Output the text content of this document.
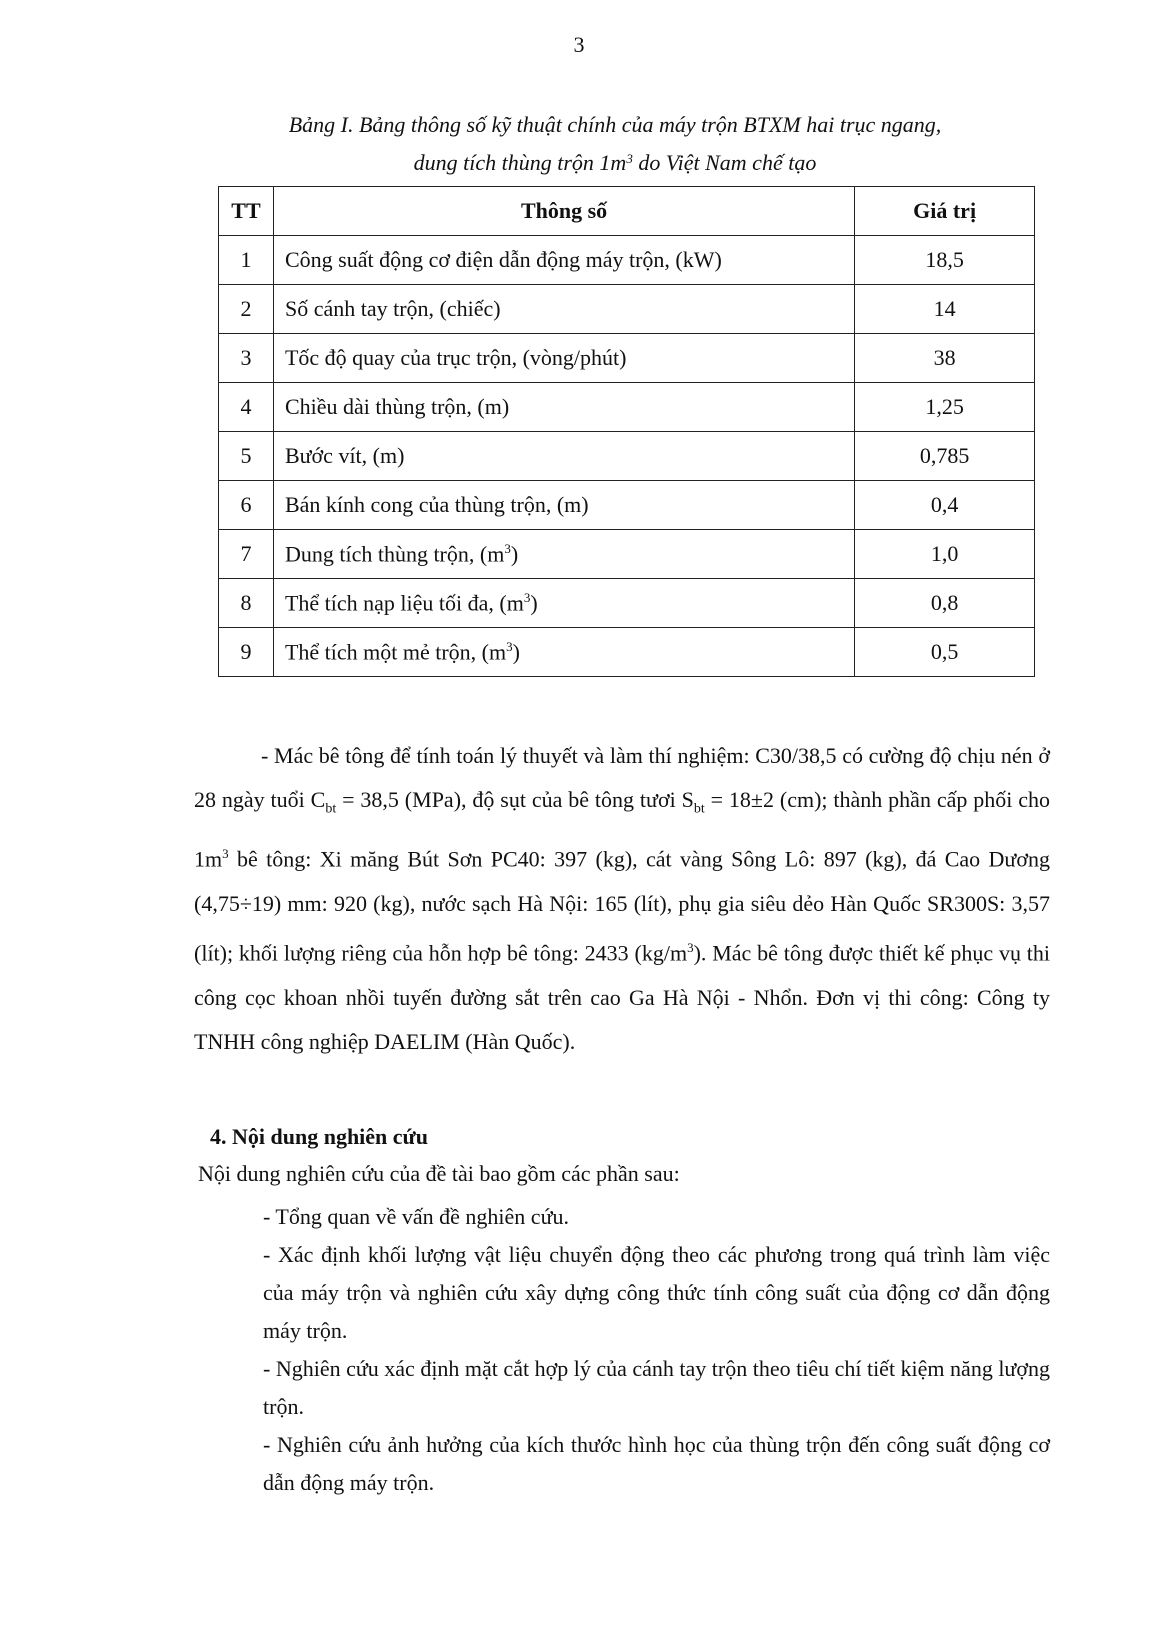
3
Bảng I. Bảng thông số kỹ thuật chính của máy trộn BTXM hai trục ngang,
dung tích thùng trộn $1m^3$ do Việt Nam chế tạo
TT	Thông số	Giá trị
1	Công suất động cơ điện dẫn động máy trộn, (kW)	18,5
2	Số cánh tay trộn, (chiếc)	14
3	Tốc độ quay của trục trộn, (vòng/phút)	38
4	Chiều dài thùng trộn, (m)	1,25
5	Bước vít, (m)	0,785
6	Bán kính cong của thùng trộn, (m)	0,4
7	Dung tích thùng trộn, $(m^3)$	1,0
8	Thể tích nạp liệu tối đa, $(m^3)$	0,8
9	Thể tích một mẻ trộn, $(m^3)$	0,5

- Mác bê tông để tính toán lý thuyết và làm thí nghiệm: C30/38,5 có cường độ chịu nén ở 28 ngày tuổi $C_{bt} = 38,5$ (MPa), độ sụt của bê tông tươi $S_{bt} = 18\pm 2$ (cm); thành phần cấp phối cho $1m^3$ bê tông: Xi măng Bút Sơn PC40: 397 (kg), cát vàng Sông Lô: 897 (kg), đá Cao Dương (4,75÷19) mm: 920 (kg), nước sạch Hà Nội: 165 (lít), phụ gia siêu dẻo Hàn Quốc SR300S: 3,57 (lít); khối lượng riêng của hỗn hợp bê tông: 2433 $(kg/m^3)$. Mác bê tông được thiết kế phục vụ thi công cọc khoan nhồi tuyến đường sắt trên cao Ga Hà Nội - Nhổn. Đơn vị thi công: Công ty TNHH công nghiệp DAELIM (Hàn Quốc).

4. Nội dung nghiên cứu

Nội dung nghiên cứu của đề tài bao gồm các phần sau:

- Tổng quan về vấn đề nghiên cứu.
- Xác định khối lượng vật liệu chuyển động theo các phương trong quá trình làm việc của máy trộn và nghiên cứu xây dựng công thức tính công suất của động cơ dẫn động máy trộn.
- Nghiên cứu xác định mặt cắt hợp lý của cánh tay trộn theo tiêu chí tiết kiệm năng lượng trộn.
- Nghiên cứu ảnh hưởng của kích thước hình học của thùng trộn đến công suất động cơ dẫn động máy trộn.
